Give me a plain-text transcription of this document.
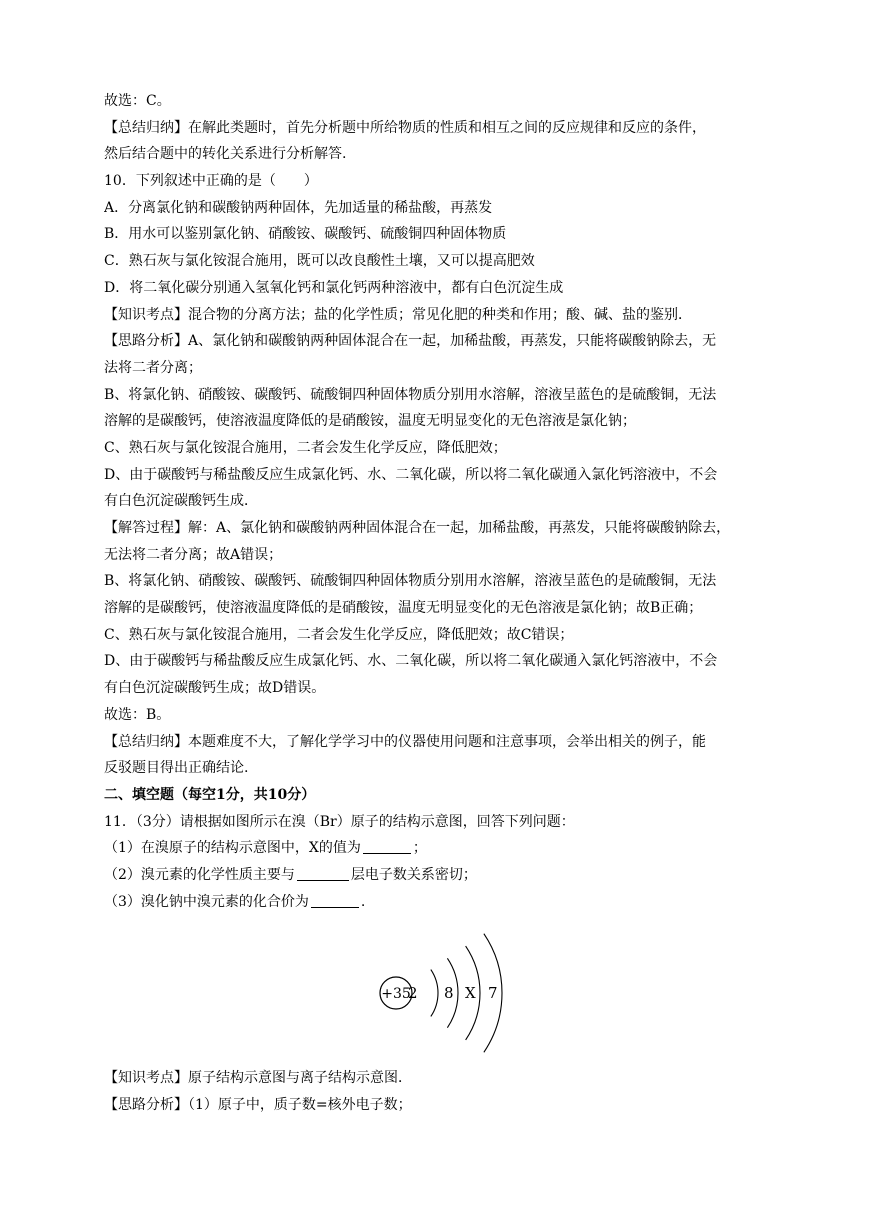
故选：C。
【总结归纳】在解此类题时，首先分析题中所给物质的性质和相互之间的反应规律和反应的条件，
然后结合题中的转化关系进行分析解答.
10．下列叙述中正确的是（　　）
A．分离氯化钠和碳酸钠两种固体，先加适量的稀盐酸，再蒸发
B．用水可以鉴别氯化钠、硝酸铵、碳酸钙、硫酸铜四种固体物质
C．熟石灰与氯化铵混合施用，既可以改良酸性土壤，又可以提高肥效
D．将二氧化碳分别通入氢氧化钙和氯化钙两种溶液中，都有白色沉淀生成
【知识考点】混合物的分离方法；盐的化学性质；常见化肥的种类和作用；酸、碱、盐的鉴别．
【思路分析】A、氯化钠和碳酸钠两种固体混合在一起，加稀盐酸，再蒸发，只能将碳酸钠除去，无
法将二者分离；
B、将氯化钠、硝酸铵、碳酸钙、硫酸铜四种固体物质分别用水溶解，溶液呈蓝色的是硫酸铜，无法
溶解的是碳酸钙，使溶液温度降低的是硝酸铵，温度无明显变化的无色溶液是氯化钠；
C、熟石灰与氯化铵混合施用，二者会发生化学反应，降低肥效；
D、由于碳酸钙与稀盐酸反应生成氯化钙、水、二氧化碳，所以将二氧化碳通入氯化钙溶液中，不会
有白色沉淀碳酸钙生成．
【解答过程】解：A、氯化钠和碳酸钠两种固体混合在一起，加稀盐酸，再蒸发，只能将碳酸钠除去，
无法将二者分离；故A错误；
B、将氯化钠、硝酸铵、碳酸钙、硫酸铜四种固体物质分别用水溶解，溶液呈蓝色的是硫酸铜，无法
溶解的是碳酸钙，使溶液温度降低的是硝酸铵，温度无明显变化的无色溶液是氯化钠；故B正确；
C、熟石灰与氯化铵混合施用，二者会发生化学反应，降低肥效；故C错误；
D、由于碳酸钙与稀盐酸反应生成氯化钙、水、二氧化碳，所以将二氧化碳通入氯化钙溶液中，不会
有白色沉淀碳酸钙生成；故D错误。
故选：B。
【总结归纳】本题难度不大，了解化学学习中的仪器使用问题和注意事项，会举出相关的例子，能
反驳题目得出正确结论.
二、填空题（每空1分，共10分）
11．（3分）请根据如图所示在溴（Br）原子的结构示意图，回答下列问题：
（1）在溴原子的结构示意图中，X的值为	；
（2）溴元素的化学性质主要与	层电子数关系密切；
（3）溴化钠中溴元素的化合价为	.
+35
2 8 X 7
【知识考点】原子结构示意图与离子结构示意图．
【思路分析】（1）原子中，质子数=核外电子数；
